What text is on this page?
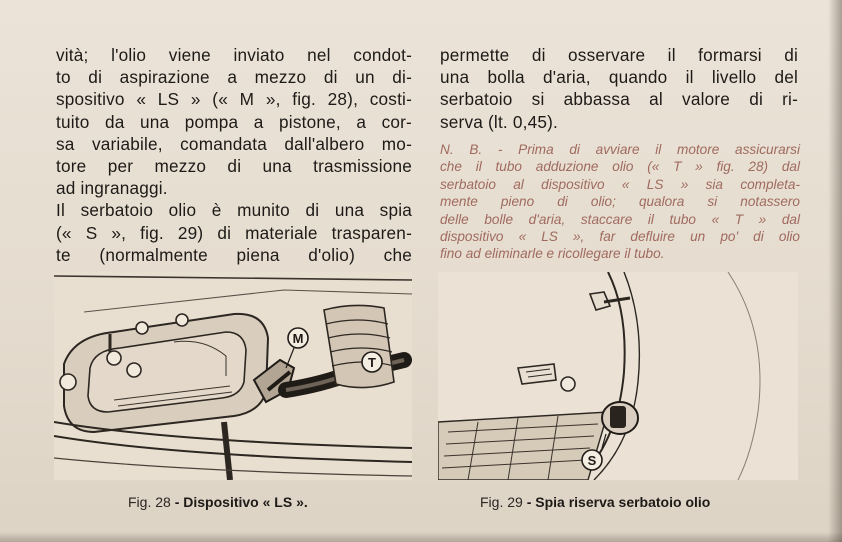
vità; l'olio viene inviato nel condot-
to di aspirazione a mezzo di un di-
spositivo « LS » (« M », fig. 28), costi-
tuito da una pompa a pistone, a cor-
sa variabile, comandata dall'albero mo-
tore per mezzo di una trasmissione
ad ingranaggi.
Il serbatoio olio è munito di una spia
(« S », fig. 29) di materiale trasparen-
te (normalmente piena d'olio) che
permette di osservare il formarsi di
una bolla d'aria, quando il livello del
serbatoio si abbassa al valore di ri-
serva (lt. 0,45).
N. B. - Prima di avviare il motore assicurarsi
che il tubo adduzione olio (« T » fig. 28) dal
serbatoio al dispositivo « LS » sia completa-
mente pieno di olio; qualora si notassero
delle bolle d'aria, staccare il tubo « T » dal
dispositivo « LS », far defluire un po' di olio
fino ad eliminarle e ricollegare il tubo.
M
T
S
Fig. 28 - Dispositivo « LS ».	Fig. 29 - Spia riserva serbatoio olio
